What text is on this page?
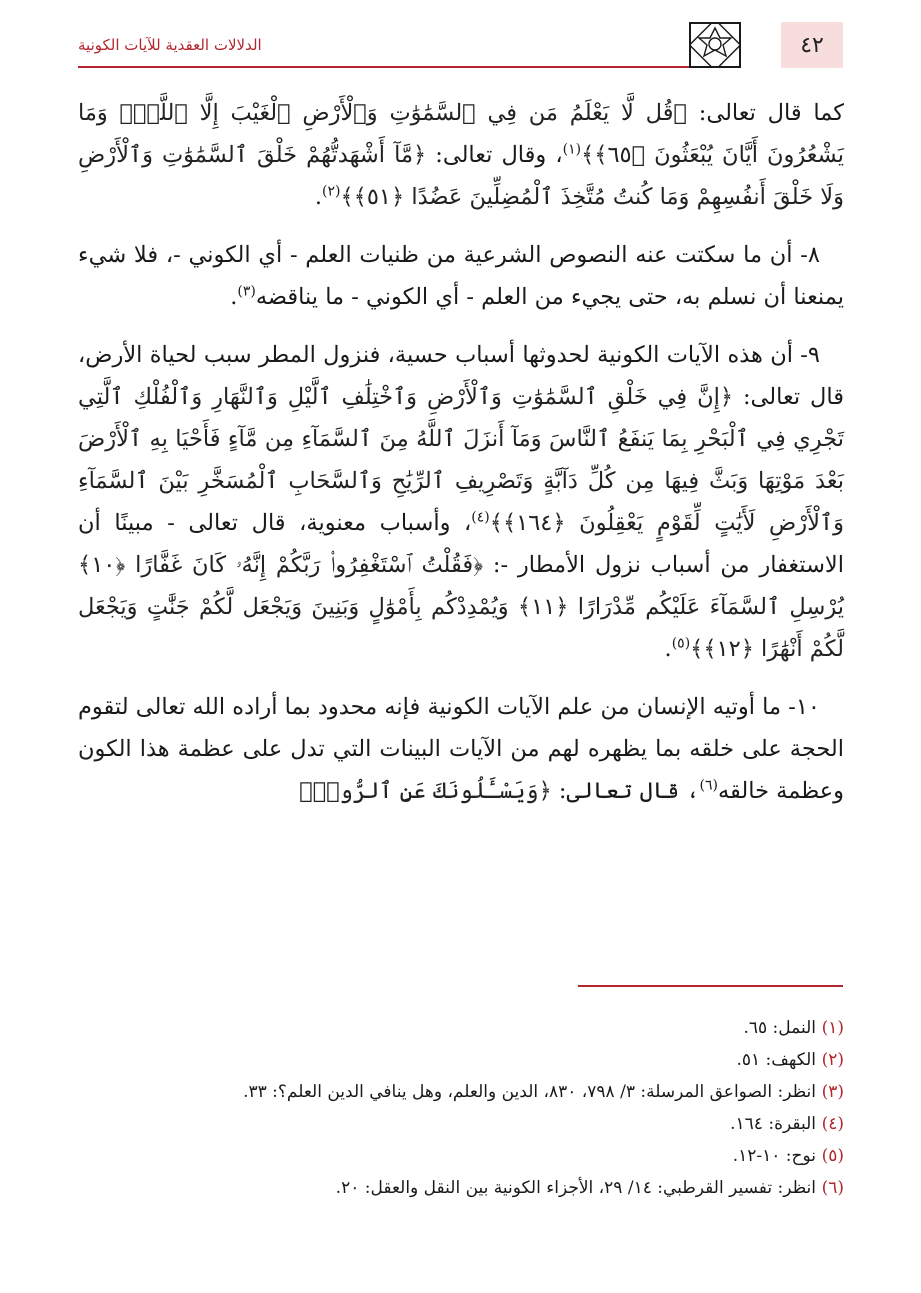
٤٢
الدلالات العقدية للآيات الكونية

كما قال تعالى: ﴿قُل لَّا يَعْلَمُ مَن فِي ٱلسَّمَٰوَٰتِ وَٱلْأَرْضِ ٱلْغَيْبَ إِلَّا ٱللَّهُۚ وَمَا يَشْعُرُونَ أَيَّانَ يُبْعَثُونَ ﴿٦٥﴾﴾$^{(١)}$، وقال تعالى: ﴿مَّآ أَشْهَدتُّهُمْ خَلْقَ ٱلسَّمَٰوَٰتِ وَٱلْأَرْضِ وَلَا خَلْقَ أَنفُسِهِمْ وَمَا كُنتُ مُتَّخِذَ ٱلْمُضِلِّينَ عَضُدًا ﴿٥١﴾﴾$^{(٢)}$.

٨- أن ما سكتت عنه النصوص الشرعية من ظنيات العلم - أي الكوني -، فلا شيء يمنعنا أن نسلم به، حتى يجيء من العلم - أي الكوني - ما يناقضه$^{(٣)}$.

٩- أن هذه الآيات الكونية لحدوثها أسباب حسية، فنزول المطر سبب لحياة الأرض، قال تعالى: ﴿إِنَّ فِي خَلْقِ ٱلسَّمَٰوَٰتِ وَٱلْأَرْضِ وَٱخْتِلَٰفِ ٱلَّيْلِ وَٱلنَّهَارِ وَٱلْفُلْكِ ٱلَّتِي تَجْرِي فِي ٱلْبَحْرِ بِمَا يَنفَعُ ٱلنَّاسَ وَمَآ أَنزَلَ ٱللَّهُ مِنَ ٱلسَّمَآءِ مِن مَّآءٍ فَأَحْيَا بِهِ ٱلْأَرْضَ بَعْدَ مَوْتِهَا وَبَثَّ فِيهَا مِن كُلِّ دَآبَّةٍ وَتَصْرِيفِ ٱلرِّيَٰحِ وَٱلسَّحَابِ ٱلْمُسَخَّرِ بَيْنَ ٱلسَّمَآءِ وَٱلْأَرْضِ لَأَيَٰتٍ لِّقَوْمٍ يَعْقِلُونَ ﴿١٦٤﴾﴾$^{(٤)}$، وأسباب معنوية، قال تعالى - مبينًا أن الاستغفار من أسباب نزول الأمطار -: ﴿فَقُلْتُ ٱسْتَغْفِرُوا۟ رَبَّكُمْ إِنَّهُۥ كَانَ غَفَّارًا ﴿١٠﴾ يُرْسِلِ ٱلسَّمَآءَ عَلَيْكُم مِّدْرَارًا ﴿١١﴾ وَيُمْدِدْكُم بِأَمْوَٰلٍ وَبَنِينَ وَيَجْعَل لَّكُمْ جَنَّٰتٍ وَيَجْعَل لَّكُمْ أَنْهَٰرًا ﴿١٢﴾﴾$^{(٥)}$.

١٠- ما أوتيه الإنسان من علم الآيات الكونية فإنه محدود بما أراده الله تعالى لتقوم الحجة على خلقه بما يظهره لهم من الآيات البينات التي تدل على عظمة هذا الكون وعظمة خالقه$^{(٦)}$، قال تعالى: ﴿وَيَسْـَٔلُونَكَ عَنِ ٱلرُّوحِۖ

(١)
النمل: ٦٥.
(٢)
الكهف: ٥١.
(٣)
انظر: الصواعق المرسلة: ٣/ ٧٩٨، ٨٣٠، الدين والعلم، وهل ينافي الدين العلم؟: ٣٣.
(٤)
البقرة: ١٦٤.
(٥)
نوح: ١٠-١٢.
(٦)
انظر: تفسير القرطبي: ١٤/ ٢٩، الأجزاء الكونية بين النقل والعقل: ٢٠.
